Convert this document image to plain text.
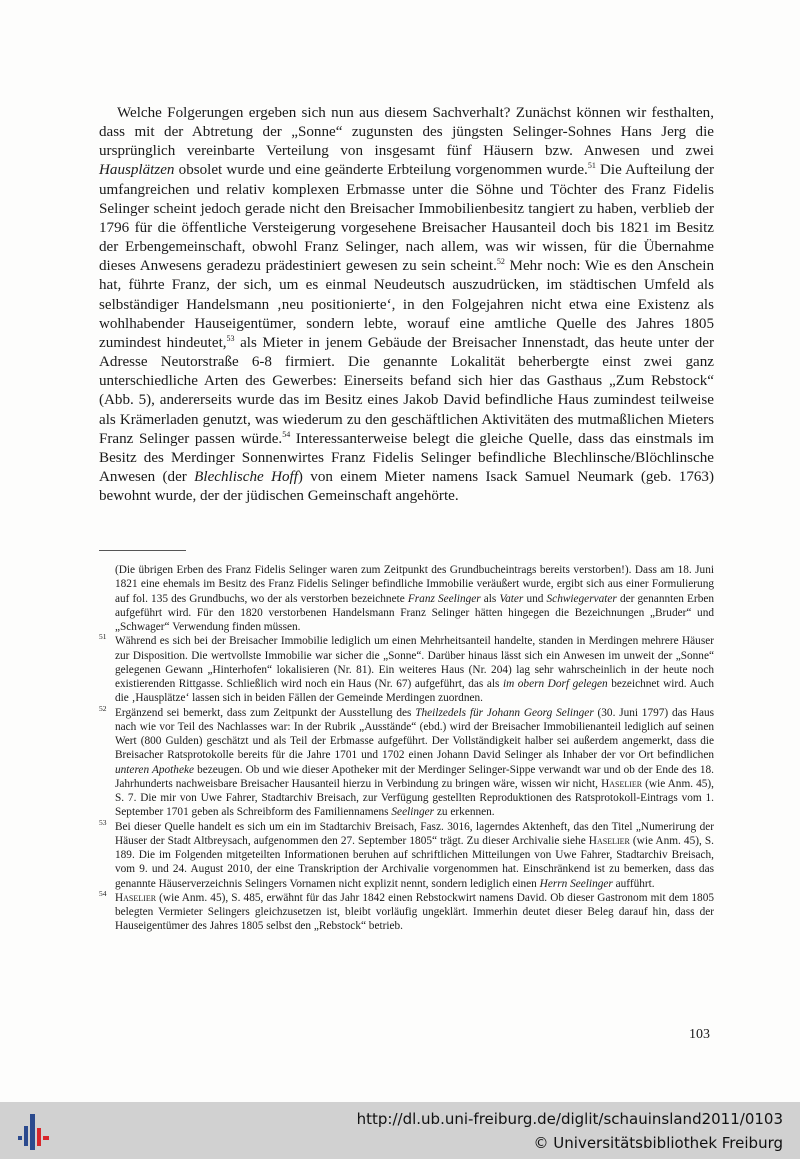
Welche Folgerungen ergeben sich nun aus diesem Sachverhalt? Zunächst können wir festhalten, dass mit der Abtretung der „Sonne“ zugunsten des jüngsten Selinger-Sohnes Hans Jerg die ursprünglich vereinbarte Verteilung von insgesamt fünf Häusern bzw. Anwesen und zwei Hausplätzen obsolet wurde und eine geänderte Erbteilung vorgenommen wurde.$^{51}$ Die Aufteilung der umfangreichen und relativ komplexen Erbmasse unter die Söhne und Töchter des Franz Fidelis Selinger scheint jedoch gerade nicht den Breisacher Immobilienbesitz tangiert zu haben, verblieb der 1796 für die öffentliche Versteigerung vorgesehene Breisacher Hausanteil doch bis 1821 im Besitz der Erbengemeinschaft, obwohl Franz Selinger, nach allem, was wir wissen, für die Übernahme dieses Anwesens geradezu prädestiniert gewesen zu sein scheint.$^{52}$ Mehr noch: Wie es den Anschein hat, führte Franz, der sich, um es einmal Neudeutsch auszudrücken, im städtischen Umfeld als selbständiger Handelsmann ‚neu positionierte‘, in den Folgejahren nicht etwa eine Existenz als wohlhabender Hauseigentümer, sondern lebte, worauf eine amtliche Quelle des Jahres 1805 zumindest hindeutet,$^{53}$ als Mieter in jenem Gebäude der Breisacher Innenstadt, das heute unter der Adresse Neutorstraße 6-8 firmiert. Die genannte Lokalität beherbergte einst zwei ganz unterschiedliche Arten des Gewerbes: Einerseits befand sich hier das Gasthaus „Zum Rebstock“ (Abb. 5), andererseits wurde das im Besitz eines Jakob David befindliche Haus zumindest teilweise als Krämerladen genutzt, was wiederum zu den geschäftlichen Aktivitäten des mutmaßlichen Mieters Franz Selinger passen würde.$^{54}$ Interessanterweise belegt die gleiche Quelle, dass das einstmals im Besitz des Merdinger Sonnenwirtes Franz Fidelis Selinger befindliche Blechlinsche/Blöchlinsche Anwesen (der Blechlische Hoff) von einem Mieter namens Isack Samuel Neumark (geb. 1763) bewohnt wurde, der der jüdischen Gemeinschaft angehörte.

(Die übrigen Erben des Franz Fidelis Selinger waren zum Zeitpunkt des Grundbucheintrags bereits verstorben!). Dass am 18. Juni 1821 eine ehemals im Besitz des Franz Fidelis Selinger befindliche Immobilie veräußert wurde, ergibt sich aus einer Formulierung auf fol. 135 des Grundbuchs, wo der als verstorben bezeichnete Franz Seelinger als Vater und Schwiegervater der genannten Erben aufgeführt wird. Für den 1820 verstorbenen Handelsmann Franz Selinger hätten hingegen die Bezeichnungen „Bruder“ und „Schwager“ Verwendung finden müssen.

51 Während es sich bei der Breisacher Immobilie lediglich um einen Mehrheitsanteil handelte, standen in Merdingen mehrere Häuser zur Disposition. Die wertvollste Immobilie war sicher die „Sonne“. Darüber hinaus lässt sich ein Anwesen im unweit der „Sonne“ gelegenen Gewann „Hinterhofen“ lokalisieren (Nr. 81). Ein weiteres Haus (Nr. 204) lag sehr wahrscheinlich in der heute noch existierenden Rittgasse. Schließlich wird noch ein Haus (Nr. 67) aufgeführt, das als im obern Dorf gelegen bezeichnet wird. Auch die ‚Hausplätze‘ lassen sich in beiden Fällen der Gemeinde Merdingen zuordnen.

52 Ergänzend sei bemerkt, dass zum Zeitpunkt der Ausstellung des Theilzedels für Johann Georg Selinger (30. Juni 1797) das Haus nach wie vor Teil des Nachlasses war: In der Rubrik „Ausstände“ (ebd.) wird der Breisacher Immobilienanteil lediglich auf seinen Wert (800 Gulden) geschätzt und als Teil der Erbmasse aufgeführt. Der Vollständigkeit halber sei außerdem angemerkt, dass die Breisacher Ratsprotokolle bereits für die Jahre 1701 und 1702 einen Johann David Selinger als Inhaber der vor Ort befindlichen unteren Apotheke bezeugen. Ob und wie dieser Apotheker mit der Merdinger Selinger-Sippe verwandt war und ob der Ende des 18. Jahrhunderts nachweisbare Breisacher Hausanteil hierzu in Verbindung zu bringen wäre, wissen wir nicht, Haselier (wie Anm. 45), S. 7. Die mir von Uwe Fahrer, Stadtarchiv Breisach, zur Verfügung gestellten Reproduktionen des Ratsprotokoll-Eintrags vom 1. September 1701 geben als Schreibform des Familiennamens Seelinger zu erkennen.

53 Bei dieser Quelle handelt es sich um ein im Stadtarchiv Breisach, Fasz. 3016, lagerndes Aktenheft, das den Titel „Numerirung der Häuser der Stadt Altbreysach, aufgenommen den 27. September 1805“ trägt. Zu dieser Archivalie siehe Haselier (wie Anm. 45), S. 189. Die im Folgenden mitgeteilten Informationen beruhen auf schriftlichen Mitteilungen von Uwe Fahrer, Stadtarchiv Breisach, vom 9. und 24. August 2010, der eine Transkription der Archivalie vorgenommen hat. Einschränkend ist zu bemerken, dass das genannte Häuserverzeichnis Selingers Vornamen nicht explizit nennt, sondern lediglich einen Herrn Seelinger aufführt.

54 Haselier (wie Anm. 45), S. 485, erwähnt für das Jahr 1842 einen Rebstockwirt namens David. Ob dieser Gastronom mit dem 1805 belegten Vermieter Selingers gleichzusetzen ist, bleibt vorläufig ungeklärt. Immerhin deutet dieser Beleg darauf hin, dass der Hauseigentümer des Jahres 1805 selbst den „Rebstock“ betrieb.

103
http://dl.ub.uni-freiburg.de/diglit/schauinsland2011/0103
© Universitätsbibliothek Freiburg
